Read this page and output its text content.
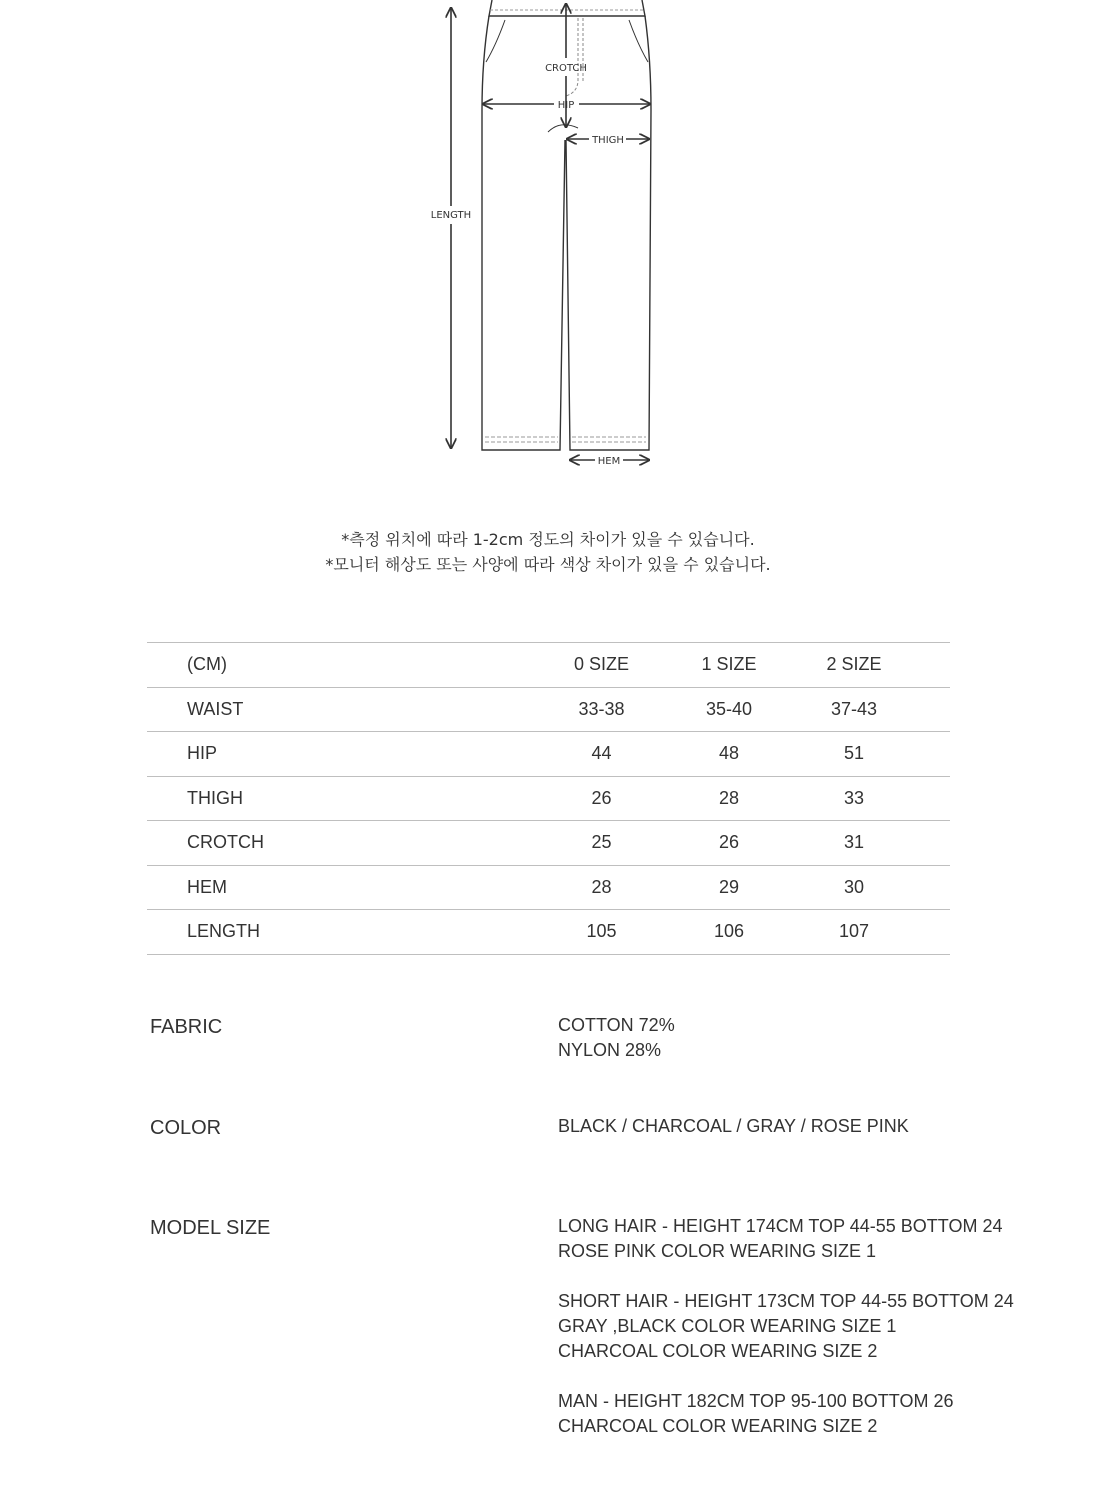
CROTCH
HIP
THIGH
LENGTH
HEM
*측정 위치에 따라 1-2cm 정도의 차이가 있을 수 있습니다.
*모니터 해상도 또는 사양에 따라 색상 차이가 있을 수 있습니다.
(CM)	0 SIZE	1 SIZE	2 SIZE	
WAIST	33-38	35-40	37-43	
HIP	44	48	51	
THIGH	26	28	33	
CROTCH	25	26	31	
HEM	28	29	30	
LENGTH	105	106	107	
FABRIC	COTTON 72%
NYLON 28%
COLOR	BLACK / CHARCOAL / GRAY / ROSE PINK
MODEL SIZE	LONG HAIR - HEIGHT 174CM TOP 44-55 BOTTOM 24
ROSE PINK COLOR WEARING SIZE 1
SHORT HAIR - HEIGHT 173CM TOP 44-55 BOTTOM 24
GRAY ,BLACK COLOR WEARING SIZE 1
CHARCOAL COLOR WEARING SIZE 2
MAN - HEIGHT 182CM TOP 95-100 BOTTOM 26
CHARCOAL COLOR WEARING SIZE 2
